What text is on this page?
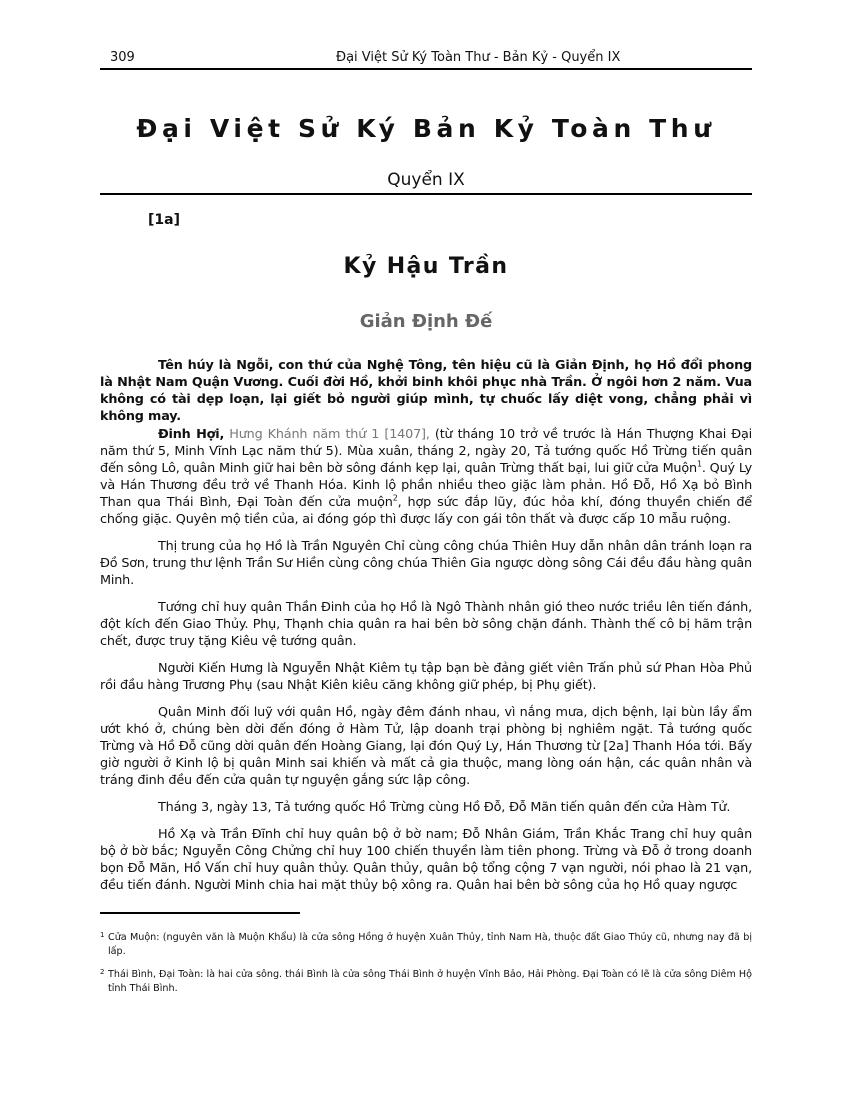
309	Đại Việt Sử Ký Toàn Thư - Bản Kỷ - Quyển IX
Đại Việt Sử Ký Bản Kỷ Toàn Thư
Quyển IX
[1a]
Kỷ Hậu Trần
Giản Định Đế

Tên húy là Ngỗi, con thứ của Nghệ Tông, tên hiệu cũ là Giản Định, họ Hồ đổi phong là Nhật Nam Quận Vương. Cuối đời Hồ, khởi binh khôi phục nhà Trần. Ở ngôi hơn 2 năm. Vua không có tài dẹp loạn, lại giết bỏ người giúp mình, tự chuốc lấy diệt vong, chẳng phải vì không may.

Đinh Hợi, Hưng Khánh năm thứ 1 [1407], (từ tháng 10 trở về trước là Hán Thượng Khai Đại năm thứ 5, Minh Vĩnh Lạc năm thứ 5). Mùa xuân, tháng 2, ngày 20, Tả tướng quốc Hồ Trừng tiến quân đến sông Lô, quân Minh giữ hai bên bờ sông đánh kẹp lại, quân Trừng thất bại, lui giữ cửa Muộn$^1$. Quý Ly và Hán Thương đều trở về Thanh Hóa. Kinh lộ phần nhiều theo giặc làm phản. Hồ Đỗ, Hồ Xạ bỏ Bình Than qua Thái Bình, Đại Toàn đến cửa muộn$^2$, hợp sức đắp lũy, đúc hỏa khí, đóng thuyền chiến để chống giặc. Quyên mộ tiền của, ai đóng góp thì được lấy con gái tôn thất và được cấp 10 mẫu ruộng.

Thị trung của họ Hồ là Trần Nguyên Chỉ cùng công chúa Thiên Huy dẫn nhân dân tránh loạn ra Đồ Sơn, trung thư lệnh Trần Sư Hiền cùng công chúa Thiên Gia ngược dòng sông Cái đều đầu hàng quân Minh.

Tướng chỉ huy quân Thần Đinh của họ Hồ là Ngô Thành nhân gió theo nước triều lên tiến đánh, đột kích đến Giao Thủy. Phụ, Thạnh chia quân ra hai bên bờ sông chặn đánh. Thành thế cô bị hãm trận chết, được truy tặng Kiêu vệ tướng quân.

Người Kiến Hưng là Nguyễn Nhật Kiêm tụ tập bạn bè đảng giết viên Trấn phủ sứ Phan Hòa Phủ rồi đầu hàng Trương Phụ (sau Nhật Kiên kiêu căng không giữ phép, bị Phụ giết).

Quân Minh đối luỹ với quân Hồ, ngày đêm đánh nhau, vì nắng mưa, dịch bệnh, lại bùn lầy ẩm ướt khó ở, chúng bèn dời đến đóng ở Hàm Tử, lập doanh trại phòng bị nghiêm ngặt. Tả tướng quốc Trừng và Hồ Đỗ cũng dời quân đến Hoàng Giang, lại đón Quý Ly, Hán Thương từ [2a] Thanh Hóa tới. Bấy giờ người ở Kinh lộ bị quân Minh sai khiến và mất cả gia thuộc, mang lòng oán hận, các quân nhân và tráng đinh đều đến cửa quân tự nguyện gắng sức lập công.

Tháng 3, ngày 13, Tả tướng quốc Hồ Trừng cùng Hồ Đỗ, Đỗ Mãn tiến quân đến cửa Hàm Tử.

Hồ Xạ và Trần Đĩnh chỉ huy quân bộ ở bờ nam; Đỗ Nhân Giám, Trần Khắc Trang chỉ huy quân bộ ở bờ bắc; Nguyễn Công Chửng chỉ huy 100 chiến thuyền làm tiên phong. Trừng và Đỗ ở trong doanh bọn Đỗ Mãn, Hồ Vấn chỉ huy quân thủy. Quân thủy, quân bộ tổng cộng 7 vạn người, nói phao là 21 vạn, đều tiến đánh. Người Minh chia hai mặt thủy bộ xông ra. Quân hai bên bờ sông của họ Hồ quay ngược

1 Cửa Muộn: (nguyên văn là Muộn Khẩu) là cửa sông Hồng ở huyện Xuân Thủy, tỉnh Nam Hà, thuộc đất Giao Thủy cũ, nhưng nay đã bị lấp.
2 Thái Bình, Đại Toàn: là hai cửa sông. thái Bình là cửa sông Thái Bình ở huyện Vĩnh Bảo, Hải Phòng. Đại Toàn có lẽ là cửa sông Diêm Hộ tỉnh Thái Bình.
